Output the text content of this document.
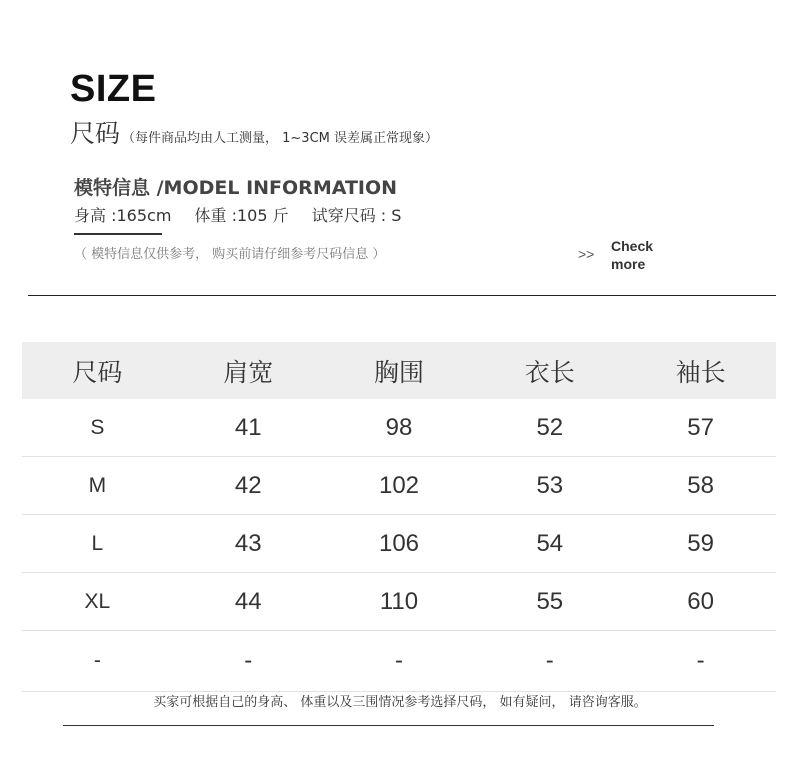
SIZE
尺码 （每件商品均由人工测量， 1~3CM 误差属正常现象）
模特信息 /MODEL INFORMATION
身高 :165cm 体重 :105 斤 试穿尺码 : S
（ 模特信息仅供参考， 购买前请仔细参考尺码信息 ）	>> Check
more
尺码	肩宽	胸围	衣长	袖长
S	41	98	52	57
M	42	102	53	58
L	43	106	54	59
XL	44	110	55	60
-	-	-	-	-
买家可根据自己的身高、 体重以及三围情况参考选择尺码， 如有疑问， 请咨询客服。
